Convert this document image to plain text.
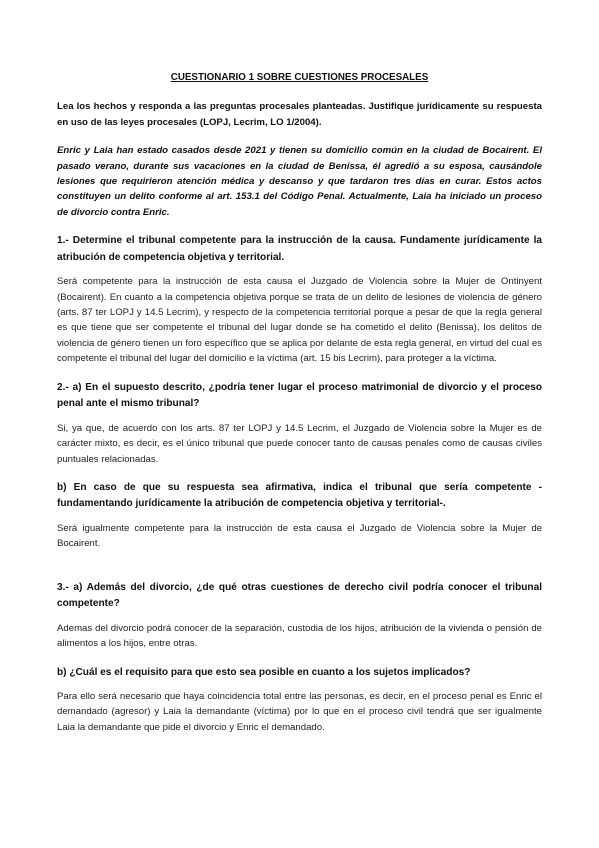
CUESTIONARIO 1 SOBRE CUESTIONES PROCESALES

Lea los hechos y responda a las preguntas procesales planteadas. Justifique jurídicamente su respuesta en uso de las leyes procesales (LOPJ, Lecrim, LO 1/2004).

Enric y Laia han estado casados desde 2021 y tienen su domicilio común en la ciudad de Bocairent. El pasado verano, durante sus vacaciones en la ciudad de Benissa, él agredió a su esposa, causándole lesiones que requirieron atención médica y descanso y que tardaron tres días en curar. Estos actos constituyen un delito conforme al art. 153.1 del Código Penal. Actualmente, Laia ha iniciado un proceso de divorcio contra Enric.

1.- Determine el tribunal competente para la instrucción de la causa. Fundamente jurídicamente la atribución de competencia objetiva y territorial.

Será competente para la instrucción de esta causa el Juzgado de Violencia sobre la Mujer de Ontinyent (Bocairent). En cuanto a la competencia objetiva porque se trata de un delito de lesiones de violencia de género (arts. 87 ter LOPJ y 14.5 Lecrim), y respecto de la competencia territorial porque a pesar de que la regla general es que tiene que ser competente el tribunal del lugar donde se ha cometido el delito (Benissa), los delitos de violencia de género tienen un foro específico que se aplica por delante de esta regla general, en virtud del cual es competente el tribunal del lugar del domicilio e la víctima (art. 15 bis Lecrim), para proteger a la víctima.

2.- a) En el supuesto descrito, ¿podría tener lugar el proceso matrimonial de divorcio y el proceso penal ante el mismo tribunal?

Si, ya que, de acuerdo con los arts. 87 ter LOPJ y 14.5 Lecrim, el Juzgado de Violencia sobre la Mujer es de carácter mixto, es decir, es el único tribunal que puede conocer tanto de causas penales como de causas civiles puntuales relacionadas.

b) En caso de que su respuesta sea afirmativa, indica el tribunal que sería competente -fundamentando jurídicamente la atribución de competencia objetiva y territorial-.

Será igualmente competente para la instrucción de esta causa el Juzgado de Violencia sobre la Mujer de Bocairent.

3.- a) Además del divorcio, ¿de qué otras cuestiones de derecho civil podría conocer el tribunal competente?

Ademas del divorcio podrá conocer de la separación, custodia de los hijos, atribución de la vivienda o pensión de alimentos a los hijos, entre otras.

b) ¿Cuál es el requisito para que esto sea posible en cuanto a los sujetos implicados?

Para ello será necesario que haya coincidencia total entre las personas, es decir, en el proceso penal es Enric el demandado (agresor) y Laia la demandante (víctima) por lo que en el proceso civil tendrá que ser igualmente Laia la demandante que pide el divorcio y Enric el demandado.
